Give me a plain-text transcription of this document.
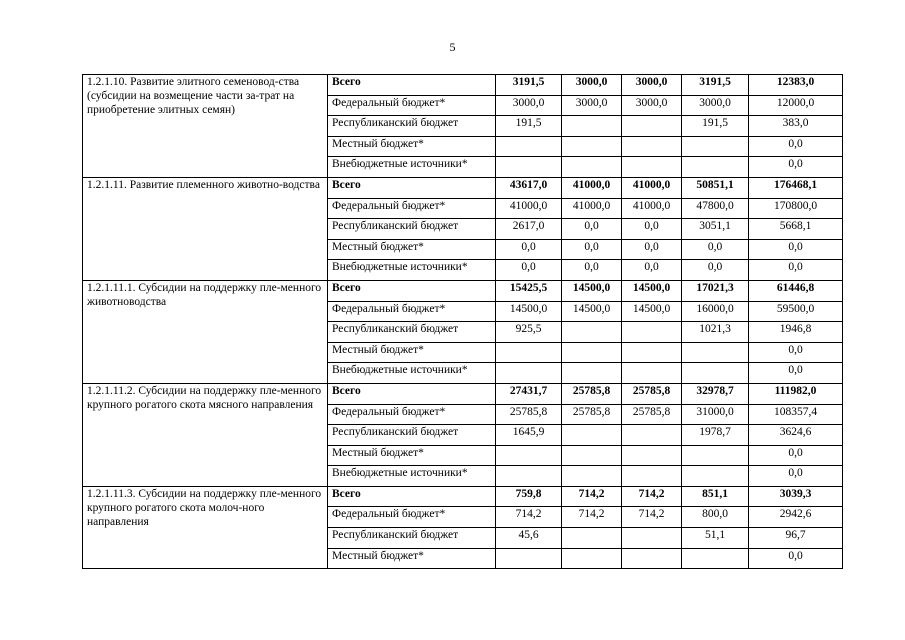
5
1.2.1.10. Развитие элитного семеновод-ства (субсидии на возмещение части за-трат на приобретение элитных семян)	Всего	3191,5	3000,0	3000,0	3191,5	12383,0
	Федеральный бюджет*	3000,0	3000,0	3000,0	3000,0	12000,0
	Республиканский бюджет	191,5			191,5	383,0
	Местный бюджет*					0,0
	Внебюджетные источники*					0,0
1.2.1.11. Развитие племенного животно-водства	Всего	43617,0	41000,0	41000,0	50851,1	176468,1
	Федеральный бюджет*	41000,0	41000,0	41000,0	47800,0	170800,0
	Республиканский бюджет	2617,0	0,0	0,0	3051,1	5668,1
	Местный бюджет*	0,0	0,0	0,0	0,0	0,0
	Внебюджетные источники*	0,0	0,0	0,0	0,0	0,0
1.2.1.11.1. Субсидии на поддержку пле-менного животноводства	Всего	15425,5	14500,0	14500,0	17021,3	61446,8
	Федеральный бюджет*	14500,0	14500,0	14500,0	16000,0	59500,0
	Республиканский бюджет	925,5			1021,3	1946,8
	Местный бюджет*					0,0
	Внебюджетные источники*					0,0
1.2.1.11.2. Субсидии на поддержку пле-менного крупного рогатого скота мясного направления	Всего	27431,7	25785,8	25785,8	32978,7	111982,0
	Федеральный бюджет*	25785,8	25785,8	25785,8	31000,0	108357,4
	Республиканский бюджет	1645,9			1978,7	3624,6
	Местный бюджет*					0,0
	Внебюджетные источники*					0,0
1.2.1.11.3. Субсидии на поддержку пле-менного крупного рогатого скота молоч-ного направления	Всего	759,8	714,2	714,2	851,1	3039,3
	Федеральный бюджет*	714,2	714,2	714,2	800,0	2942,6
	Республиканский бюджет	45,6			51,1	96,7
	Местный бюджет*					0,0
